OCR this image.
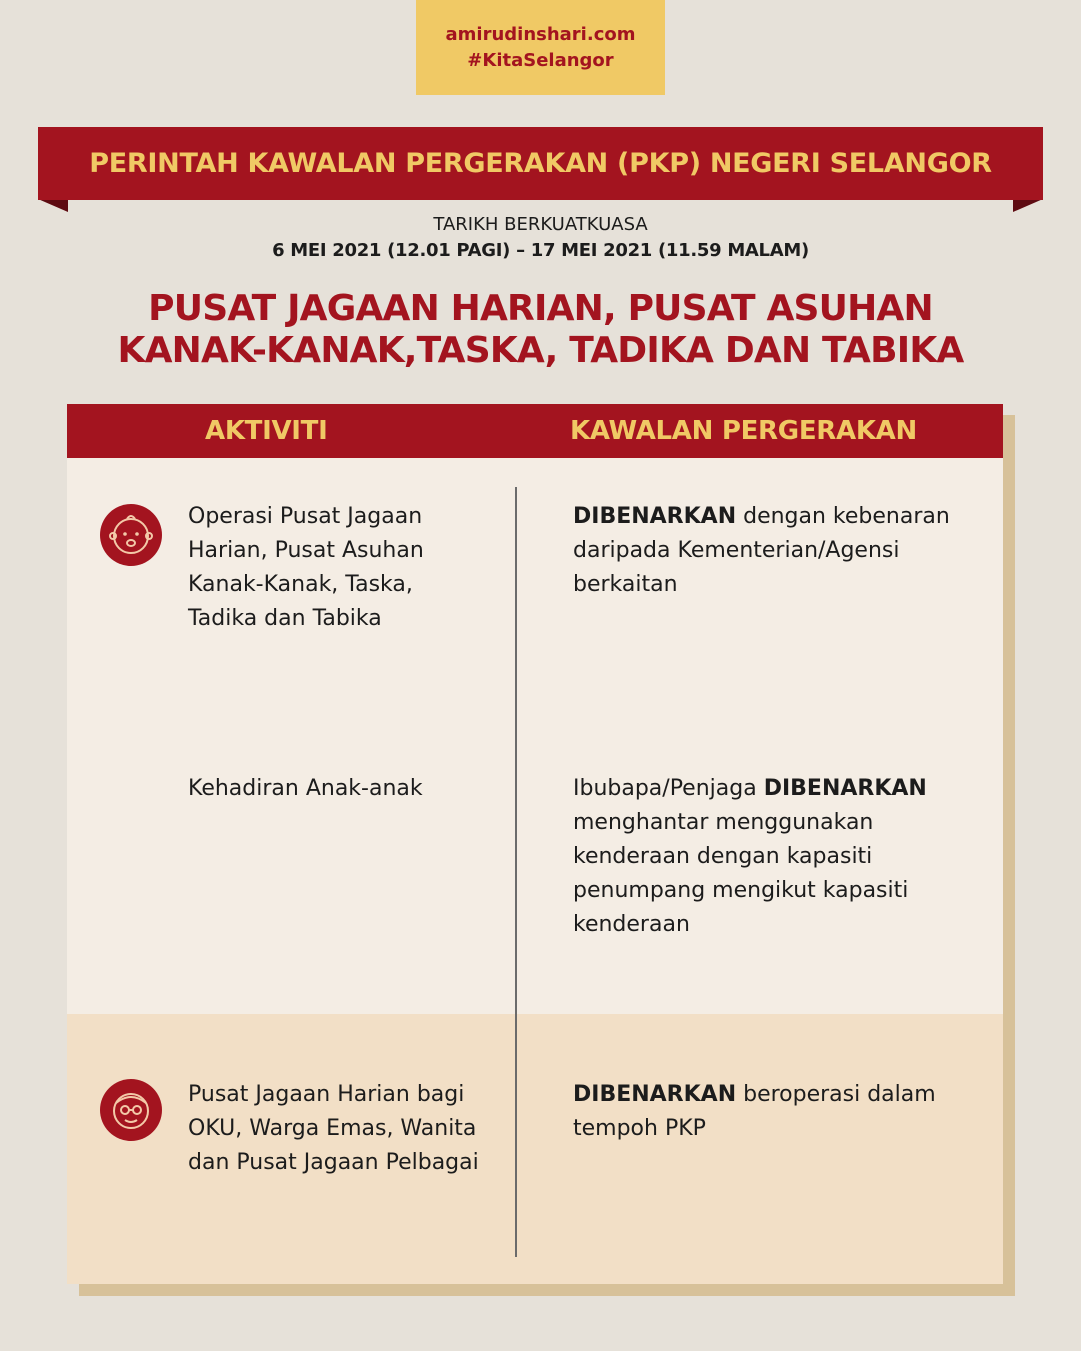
amirudinshari.com
#KitaSelangor
PERINTAH KAWALAN PERGERAKAN (PKP) NEGERI SELANGOR
TARIKH BERKUATKUASA
6 MEI 2021 (12.01 PAGI) – 17 MEI 2021 (11.59 MALAM)
PUSAT JAGAAN HARIAN, PUSAT ASUHAN
KANAK-KANAK,TASKA, TADIKA DAN TABIKA
AKTIVITI	KAWALAN PERGERAKAN
Operasi Pusat Jagaan Harian, Pusat Asuhan Kanak-Kanak, Taska, Tadika dan Tabika
DIBENARKAN dengan kebenaran daripada Kementerian/Agensi berkaitan
Kehadiran Anak-anak	Ibubapa/Penjaga DIBENARKAN menghantar menggunakan kenderaan dengan kapasiti penumpang mengikut kapasiti kenderaan
Pusat Jagaan Harian bagi OKU, Warga Emas, Wanita dan Pusat Jagaan Pelbagai
DIBENARKAN beroperasi dalam tempoh PKP
